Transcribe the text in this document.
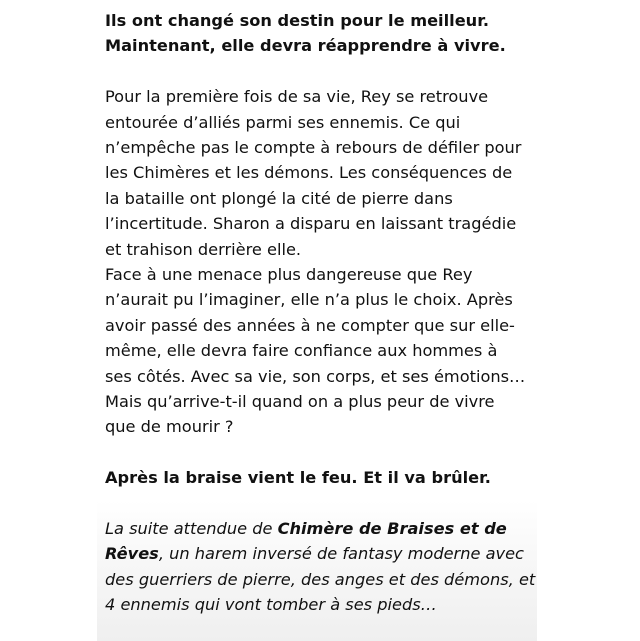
Ils ont changé son destin pour le meilleur.
Maintenant, elle devra réapprendre à vivre.

Pour la première fois de sa vie, Rey se retrouve
entourée d’alliés parmi ses ennemis. Ce qui
n’empêche pas le compte à rebours de défiler pour
les Chimères et les démons. Les conséquences de
la bataille ont plongé la cité de pierre dans
l’incertitude. Sharon a disparu en laissant tragédie
et trahison derrière elle.

Face à une menace plus dangereuse que Rey
n’aurait pu l’imaginer, elle n’a plus le choix. Après
avoir passé des années à ne compter que sur elle-
même, elle devra faire confiance aux hommes à
ses côtés. Avec sa vie, son corps, et ses émotions…
Mais qu’arrive-t-il quand on a plus peur de vivre
que de mourir ?

Après la braise vient le feu. Et il va brûler.

La suite attendue de Chimère de Braises et de
Rêves, un harem inversé de fantasy moderne avec
des guerriers de pierre, des anges et des démons, et
4 ennemis qui vont tomber à ses pieds…
